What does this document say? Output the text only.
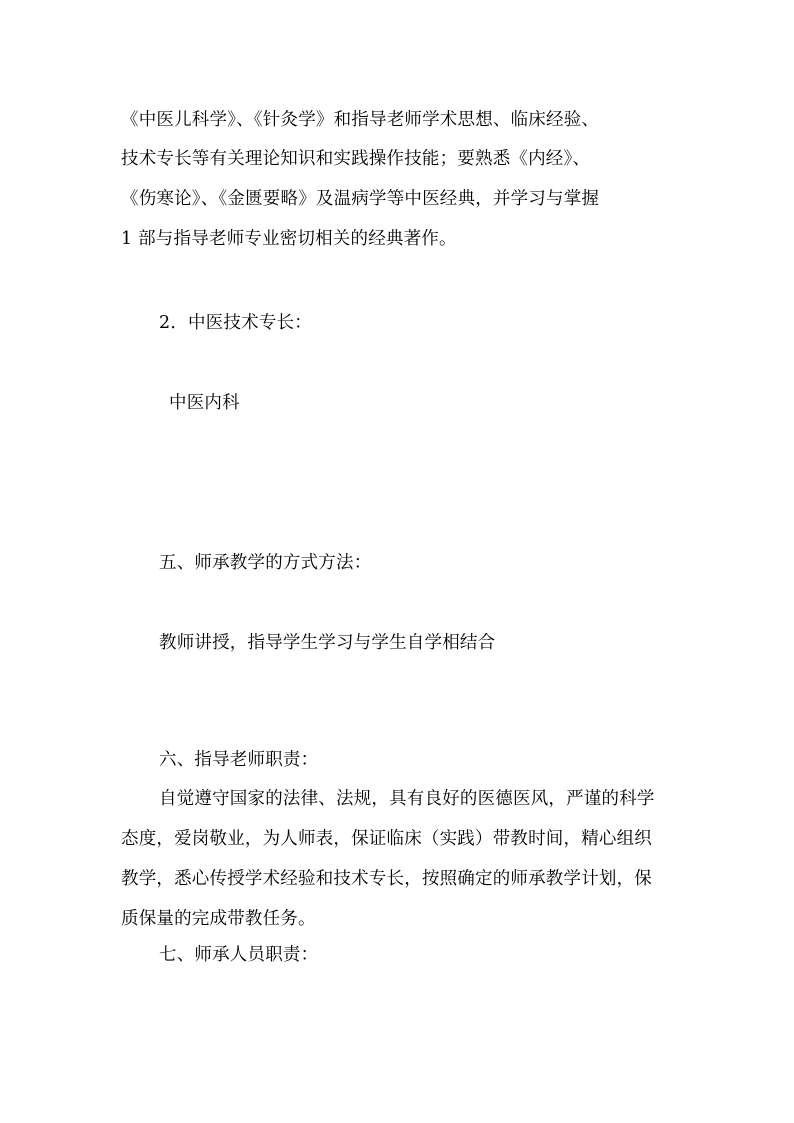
《中医儿科学》、《针灸学》和指导老师学术思想、临床经验、
技术专长等有关理论知识和实践操作技能；要熟悉《内经》、
《伤寒论》、《金匮要略》及温病学等中医经典，并学习与掌握
1 部与指导老师专业密切相关的经典著作。
2．中医技术专长：
中医内科
五、师承教学的方式方法：
教师讲授，指导学生学习与学生自学相结合
六、指导老师职责：
自觉遵守国家的法律、法规，具有良好的医德医风，严谨的科学
态度，爱岗敬业，为人师表，保证临床（实践）带教时间，精心组织
教学，悉心传授学术经验和技术专长，按照确定的师承教学计划，保
质保量的完成带教任务。
七、师承人员职责：
